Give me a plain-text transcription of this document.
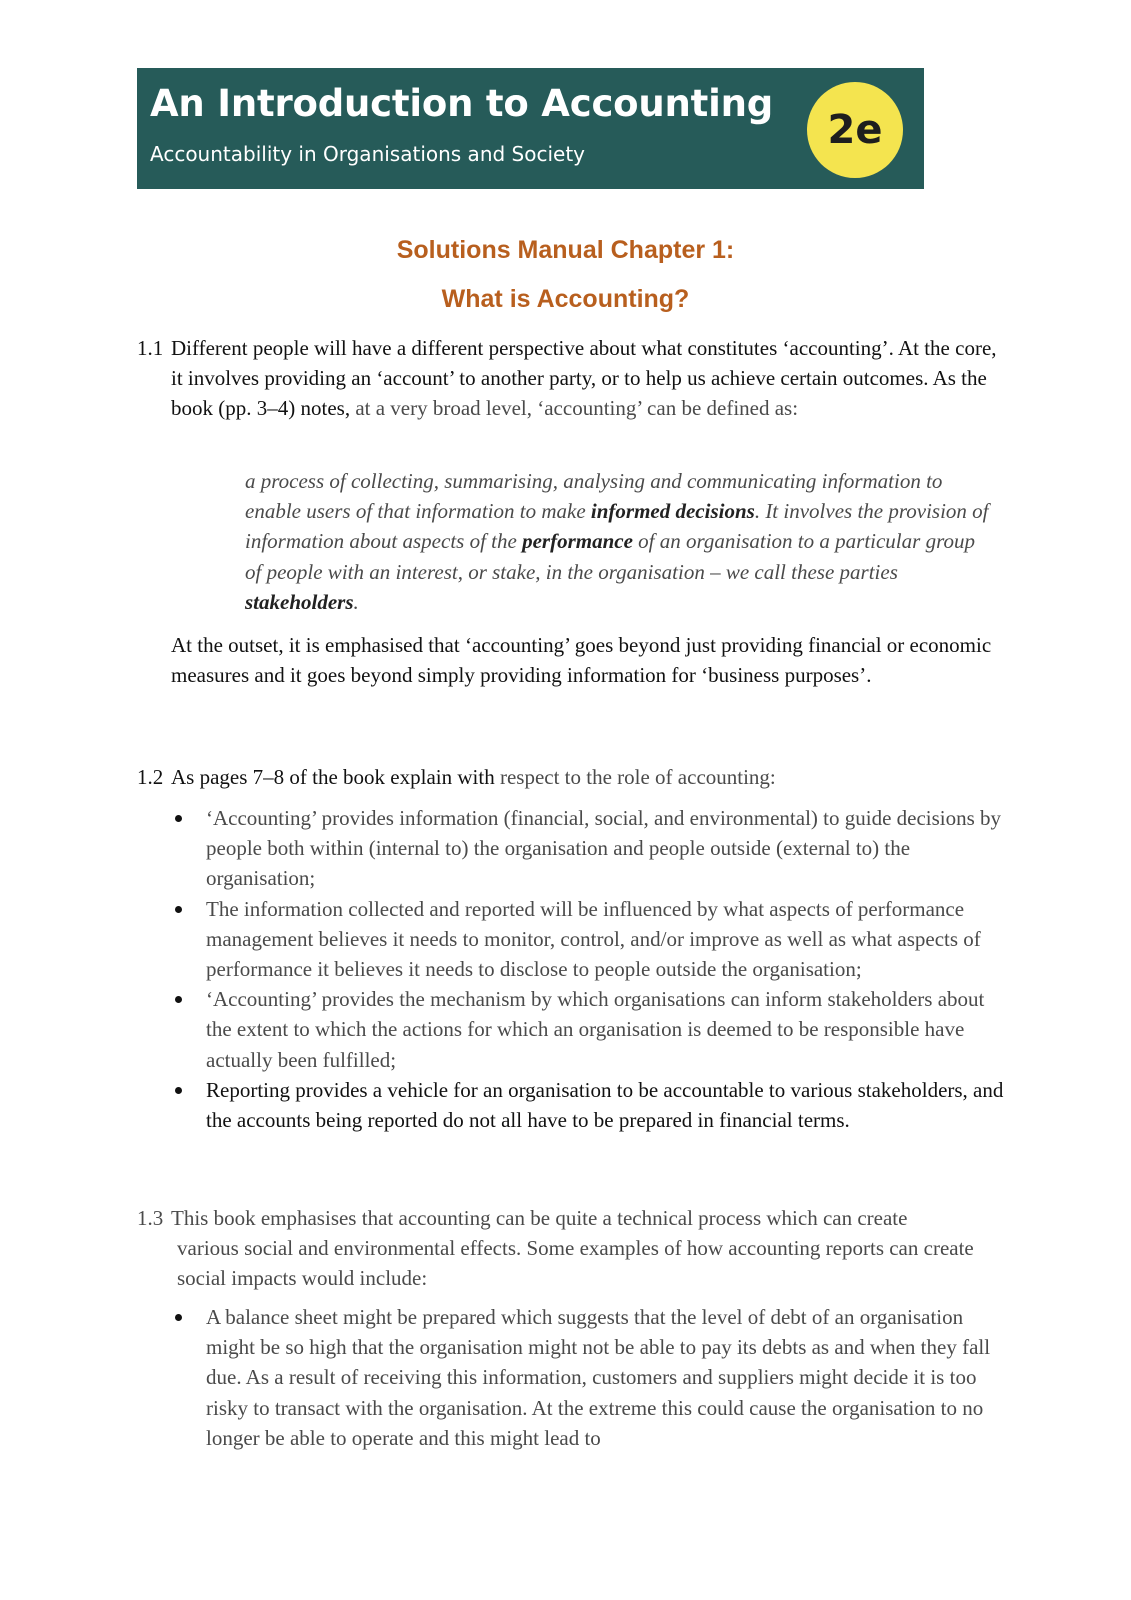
An Introduction to Accounting
Accountability in Organisations and Society
2e
Solutions Manual Chapter 1:
What is Accounting?
1.1 Different people will have a different perspective about what constitutes ‘accounting’. At the core, it involves providing an ‘account’ to another party, or to help us achieve certain outcomes. As the book (pp. 3–4) notes, at a very broad level, ‘accounting’ can be defined as:

a process of collecting, summarising, analysing and communicating information to enable users of that information to make informed decisions. It involves the provision of information about aspects of the performance of an organisation to a particular group of people with an interest, or stake, in the organisation – we call these parties stakeholders.

At the outset, it is emphasised that ‘accounting’ goes beyond just providing financial or economic measures and it goes beyond simply providing information for ‘business purposes’.

1.2 As pages 7–8 of the book explain with respect to the role of accounting:

‘Accounting’ provides information (financial, social, and environmental) to guide decisions by people both within (internal to) the organisation and people outside (external to) the organisation;
The information collected and reported will be influenced by what aspects of performance management believes it needs to monitor, control, and/or improve as well as what aspects of performance it believes it needs to disclose to people outside the organisation;
‘Accounting’ provides the mechanism by which organisations can inform stakeholders about the extent to which the actions for which an organisation is deemed to be responsible have actually been fulfilled;
Reporting provides a vehicle for an organisation to be accountable to various stakeholders, and the accounts being reported do not all have to be prepared in financial terms.
1.3 This book emphasises that accounting can be quite a technical process which can create
various social and environmental effects. Some examples of how accounting reports can create social impacts would include:

A balance sheet might be prepared which suggests that the level of debt of an organisation might be so high that the organisation might not be able to pay its debts as and when they fall due. As a result of receiving this information, customers and suppliers might decide it is too risky to transact with the organisation. At the extreme this could cause the organisation to no longer be able to operate and this might lead to
